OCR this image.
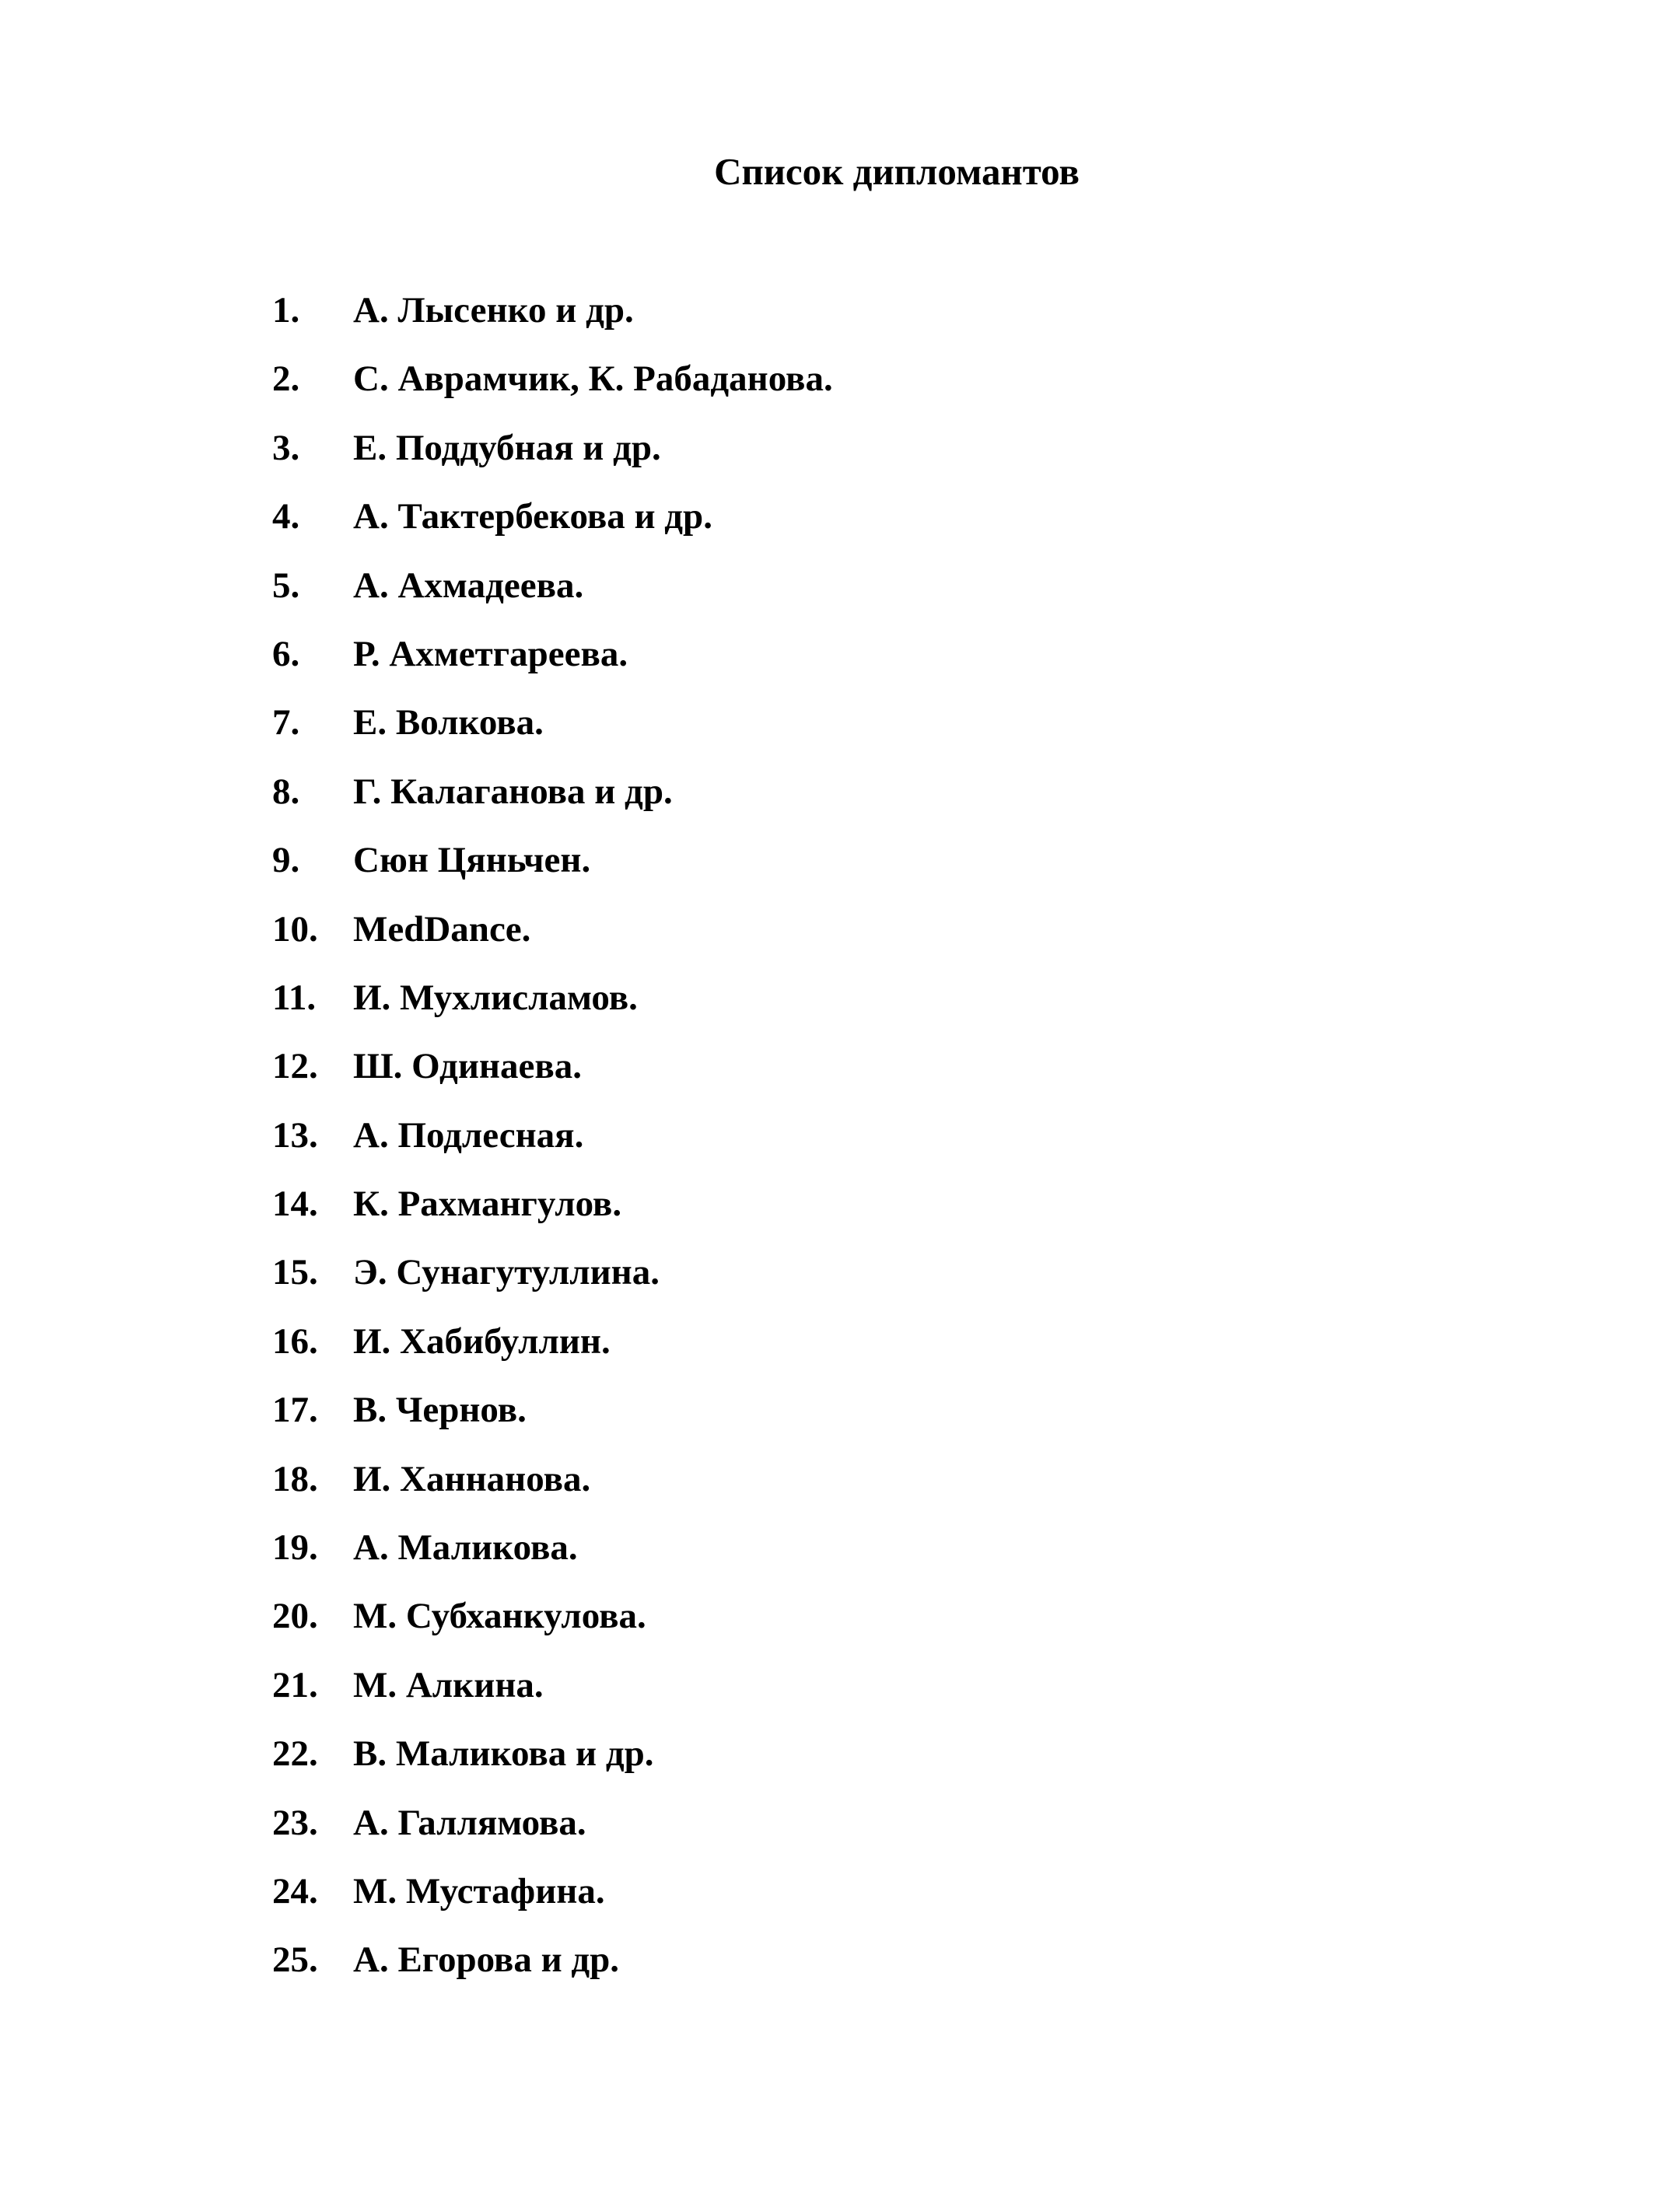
Список дипломантов
1.	А. Лысенко и др.
2.	С. Аврамчик, К. Рабаданова.
3.	Е. Поддубная и др.
4.	А. Тактербекова и др.
5.	А. Ахмадеева.
6.	Р. Ахметгареева.
7.	Е. Волкова.
8.	Г. Калаганова и др.
9.	Сюн Цяньчен.
10. MedDance.
11.	И. Мухлисламов.
12. Ш. Одинаева.
13. А. Подлесная.
14. К. Рахмангулов.
15. Э. Сунагутуллина.
16. И. Хабибуллин.
17. В. Чернов.
18. И. Ханнанова.
19. А. Маликова.
20. М. Субханкулова.
21. М. Алкина.
22. В. Маликова и др.
23. А. Галлямова.
24. М. Мустафина.
25. А. Егорова и др.
